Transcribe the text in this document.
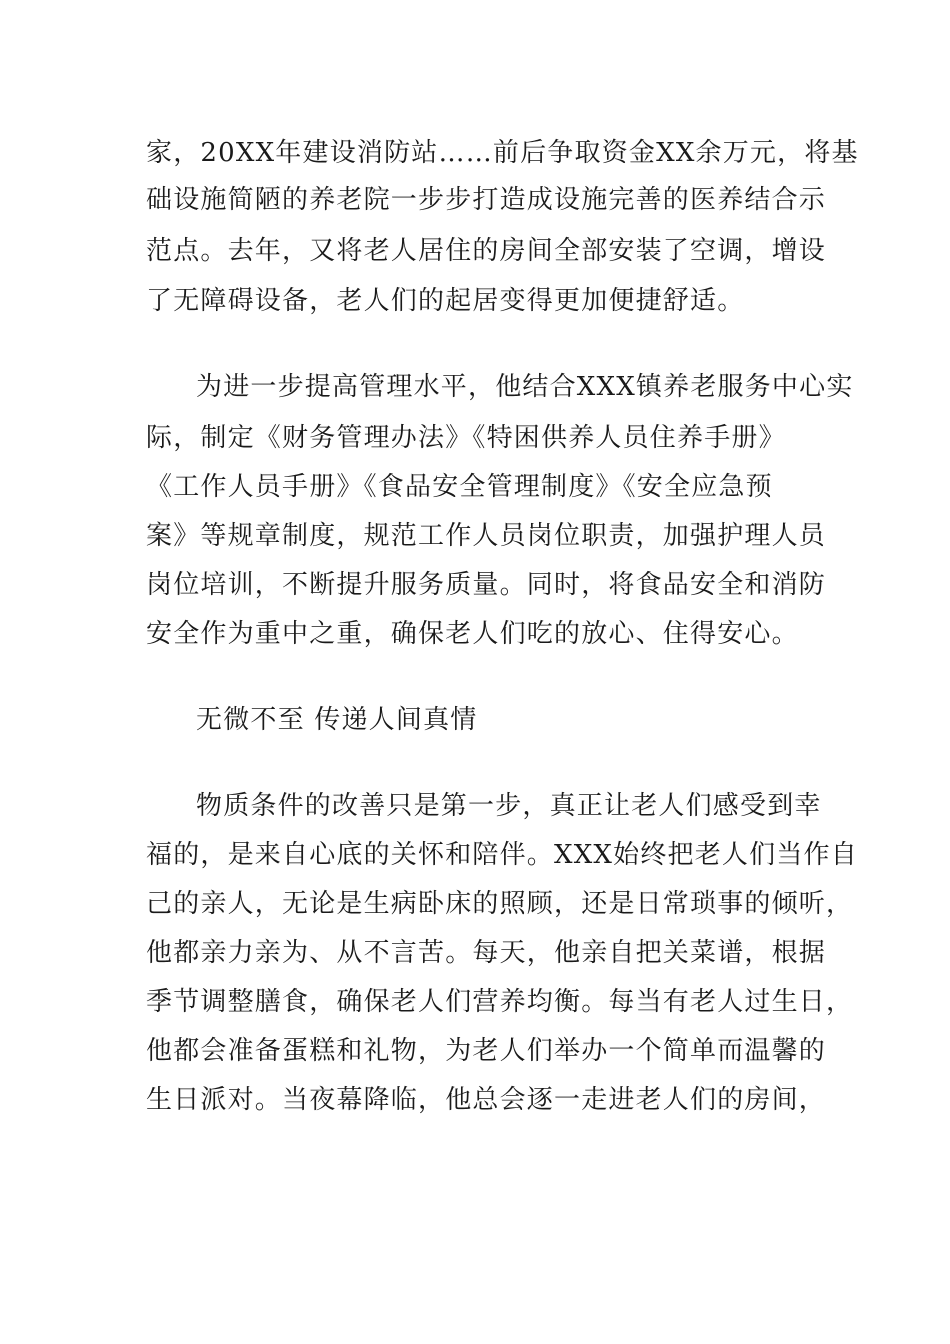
家，20XX年建设消防站……前后争取资金XX余万元，将基
础设施简陋的养老院一步步打造成设施完善的医养结合示
范点。去年，又将老人居住的房间全部安装了空调，增设
了无障碍设备，老人们的起居变得更加便捷舒适。
为进一步提高管理水平，他结合XXX镇养老服务中心实
际，制定《财务管理办法》《特困供养人员住养手册》
《工作人员手册》《食品安全管理制度》《安全应急预
案》等规章制度，规范工作人员岗位职责，加强护理人员
岗位培训，不断提升服务质量。同时，将食品安全和消防
安全作为重中之重，确保老人们吃的放心、住得安心。
无微不至 传递人间真情
物质条件的改善只是第一步，真正让老人们感受到幸
福的，是来自心底的关怀和陪伴。XXX始终把老人们当作自
己的亲人，无论是生病卧床的照顾，还是日常琐事的倾听，
他都亲力亲为、从不言苦。每天，他亲自把关菜谱，根据
季节调整膳食，确保老人们营养均衡。每当有老人过生日，
他都会准备蛋糕和礼物，为老人们举办一个简单而温馨的
生日派对。当夜幕降临，他总会逐一走进老人们的房间，
